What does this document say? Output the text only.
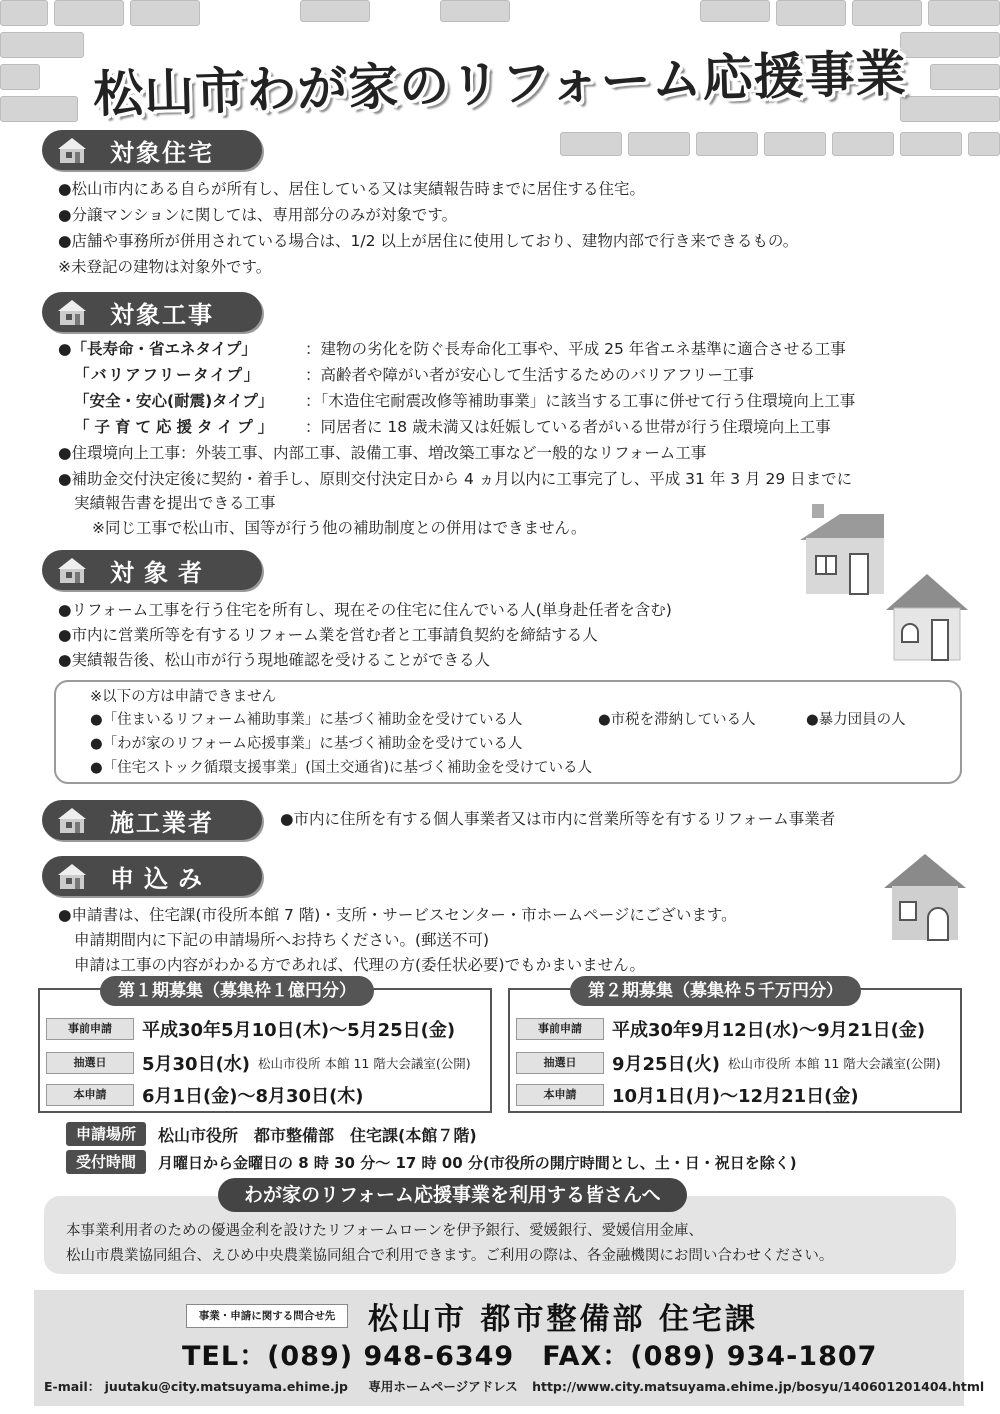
松山市わが家のリフォーム応援事業
対象住宅
●松山市内にある自らが所有し、居住している又は実績報告時までに居住する住宅。
●分譲マンションに関しては、専用部分のみが対象です。
●店舗や事務所が併用されている場合は、1/2 以上が居住に使用しており、建物内部で行き来できるもの。
※未登記の建物は対象外です。
対象工事
●「長寿命・省エネタイプ」	：建物の劣化を防ぐ長寿命化工事や、平成 25 年省エネ基準に適合させる工事
「バリアフリータイプ」	：高齢者や障がい者が安心して生活するためのバリアフリー工事
「安全・安心(耐震)タイプ」 ：「木造住宅耐震改修等補助事業」に該当する工事に併せて行う住環境向上工事
「子育て応援タイプ」 ：同居者に 18 歳未満又は妊娠している者がいる世帯が行う住環境向上工事
●住環境向上工事：外装工事、内部工事、設備工事、増改築工事など一般的なリフォーム工事
●補助金交付決定後に契約・着手し、原則交付決定日から 4 ヵ月以内に工事完了し、平成 31 年 3 月 29 日までに
実績報告書を提出できる工事
※同じ工事で松山市、国等が行う他の補助制度との併用はできません。
対象者
●リフォーム工事を行う住宅を所有し、現在その住宅に住んでいる人(単身赴任者を含む)
●市内に営業所等を有するリフォーム業を営む者と工事請負契約を締結する人
●実績報告後、松山市が行う現地確認を受けることができる人
※以下の方は申請できません
●「住まいるリフォーム補助事業」に基づく補助金を受けている人	●市税を滞納している人	●暴力団員の人
●「わが家のリフォーム応援事業」に基づく補助金を受けている人
●「住宅ストック循環支援事業」(国土交通省)に基づく補助金を受けている人
施工業者	●市内に住所を有する個人事業者又は市内に営業所等を有するリフォーム事業者
申込み
●申請書は、住宅課(市役所本館 7 階)・支所・サービスセンター・市ホームページにございます。
申請期間内に下記の申請場所へお持ちください。(郵送不可)
申請は工事の内容がわかる方であれば、代理の方(委任状必要)でもかまいません。
第１期募集（募集枠１億円分）
事前申請	平成30年5月10日(木)～5月25日(金)
抽選日	5月30日(水) 松山市役所 本館 11 階大会議室(公開)
本申請	6月1日(金)～8月30日(木)
第２期募集（募集枠５千万円分）
事前申請	平成30年9月12日(水)～9月21日(金)
抽選日	9月25日(火) 松山市役所 本館 11 階大会議室(公開)
本申請	10月1日(月)～12月21日(金)
申請場所	松山市役所　都市整備部　住宅課(本館７階)
受付時間	月曜日から金曜日の 8 時 30 分～ 17 時 00 分(市役所の開庁時間とし、土・日・祝日を除く)
わが家のリフォーム応援事業を利用する皆さんへ
本事業利用者のための優遇金利を設けたリフォームローンを伊予銀行、愛媛銀行、愛媛信用金庫、
松山市農業協同組合、えひめ中央農業協同組合で利用できます。ご利用の際は、各金融機関にお問い合わせください。
事業・申請に関する問合せ先	松山市 都市整備部 住宅課
TEL：(089) 948-6349　FAX：(089) 934-1807
E-mail： juutaku@city.matsuyama.ehime.jp 専用ホームページアドレス http://www.city.matsuyama.ehime.jp/bosyu/140601201404.html
